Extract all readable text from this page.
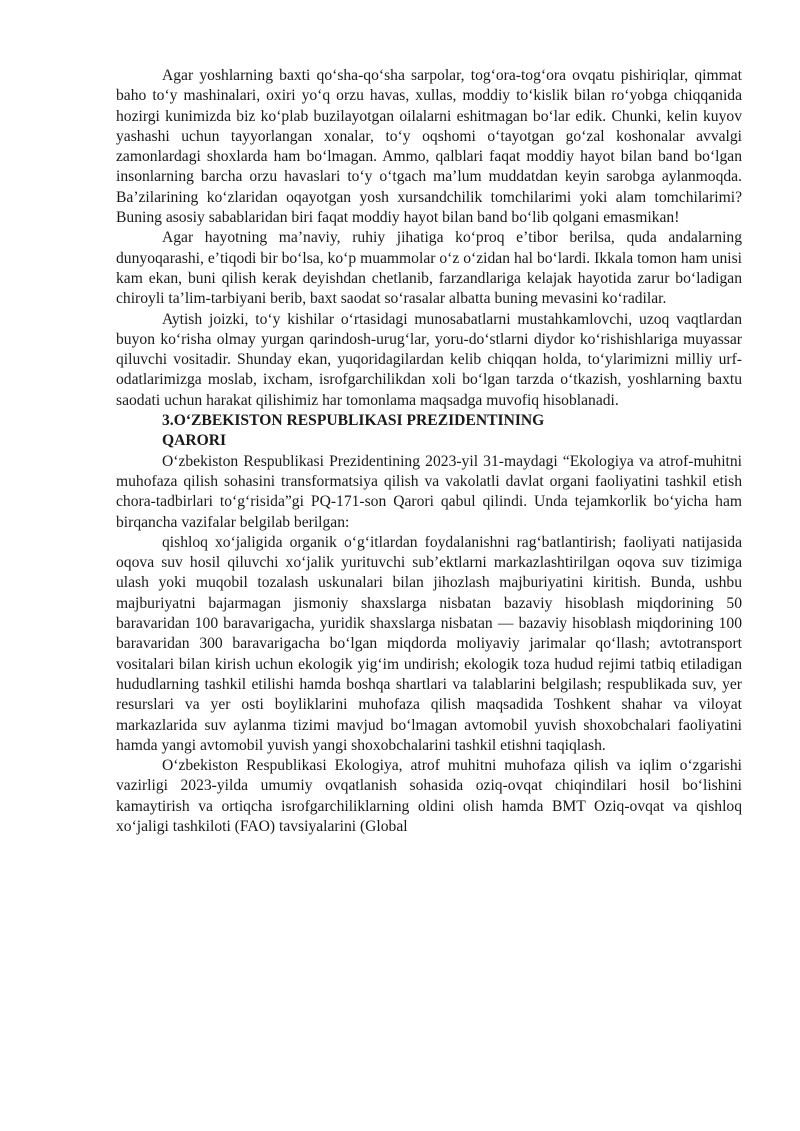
Agar yoshlarning baxti qoʻsha-qoʻsha sarpolar, togʻora-togʻora ovqatu pishiriqlar, qimmat baho toʻy mashinalari, oxiri yoʻq orzu havas, xullas, moddiy toʻkislik bilan roʻyobga chiqqanida hozirgi kunimizda biz koʻplab buzilayotgan oilalarni eshitmagan boʻlar edik. Chunki, kelin kuyov yashashi uchun tayyorlangan xonalar, toʻy oqshomi oʻtayotgan goʻzal koshonalar avvalgi zamonlardagi shoxlarda ham boʻlmagan. Ammo, qalblari faqat moddiy hayot bilan band boʻlgan insonlarning barcha orzu havaslari toʻy oʻtgach maʼlum muddatdan keyin sarobga aylanmoqda. Baʼzilarining koʻzlaridan oqayotgan yosh xursandchilik tomchilarimi yoki alam tomchilarimi? Buning asosiy sabablaridan biri faqat moddiy hayot bilan band boʻlib qolgani emasmikan!

Agar hayotning maʼnaviy, ruhiy jihatiga koʻproq eʼtibor berilsa, quda andalarning dunyoqarashi, eʼtiqodi bir boʻlsa, koʻp muammolar oʻz oʻzidan hal boʻlardi. Ikkala tomon ham unisi kam ekan, buni qilish kerak deyishdan chetlanib, farzandlariga kelajak hayotida zarur boʻladigan chiroyli taʼlim-tarbiyani berib, baxt saodat soʻrasalar albatta buning mevasini koʻradilar.

Aytish joizki, toʻy kishilar oʻrtasidagi munosabatlarni mustahkamlovchi, uzoq vaqtlardan buyon koʻrisha olmay yurgan qarindosh-urugʻlar, yoru-doʻstlarni diydor koʻrishishlariga muyassar qiluvchi vositadir. Shunday ekan, yuqoridagilardan kelib chiqqan holda, toʻylarimizni milliy urf-odatlarimizga moslab, ixcham, isrofgarchilikdan xoli boʻlgan tarzda oʻtkazish, yoshlarning baxtu saodati uchun harakat qilishimiz har tomonlama maqsadga muvofiq hisoblanadi.

3.OʻZBEKISTON RESPUBLIKASI PREZIDENTINING
QARORI

Oʻzbekiston Respublikasi Prezidentining 2023-yil 31-maydagi “Ekologiya va atrof-muhitni muhofaza qilish sohasini transformatsiya qilish va vakolatli davlat organi faoliyatini tashkil etish chora-tadbirlari toʻgʻrisida”gi PQ-171-son Qarori qabul qilindi. Unda tejamkorlik boʻyicha ham birqancha vazifalar belgilab berilgan:

qishloq xoʻjaligida organik oʻgʻitlardan foydalanishni ragʻbatlantirish; faoliyati natijasida oqova suv hosil qiluvchi xoʻjalik yurituvchi subʼektlarni markazlashtirilgan oqova suv tizimiga ulash yoki muqobil tozalash uskunalari bilan jihozlash majburiyatini kiritish. Bunda, ushbu majburiyatni bajarmagan jismoniy shaxslarga nisbatan bazaviy hisoblash miqdorining 50 baravaridan 100 baravarigacha, yuridik shaxslarga nisbatan — bazaviy hisoblash miqdorining 100 baravaridan 300 baravarigacha boʻlgan miqdorda moliyaviy jarimalar qoʻllash; avtotransport vositalari bilan kirish uchun ekologik yigʻim undirish; ekologik toza hudud rejimi tatbiq etiladigan hududlarning tashkil etilishi hamda boshqa shartlari va talablarini belgilash; respublikada suv, yer resurslari va yer osti boyliklarini muhofaza qilish maqsadida Toshkent shahar va viloyat markazlarida suv aylanma tizimi mavjud boʻlmagan avtomobil yuvish shoxobchalari faoliyatini hamda yangi avtomobil yuvish yangi shoxobchalarini tashkil etishni taqiqlash.

Oʻzbekiston Respublikasi Ekologiya, atrof muhitni muhofaza qilish va iqlim oʻzgarishi vazirligi 2023-yilda umumiy ovqatlanish sohasida oziq-ovqat chiqindilari hosil boʻlishini kamaytirish va ortiqcha isrofgarchiliklarning oldini olish hamda BMT Oziq-ovqat va qishloq xoʻjaligi tashkiloti (FAO) tavsiyalarini (Global
